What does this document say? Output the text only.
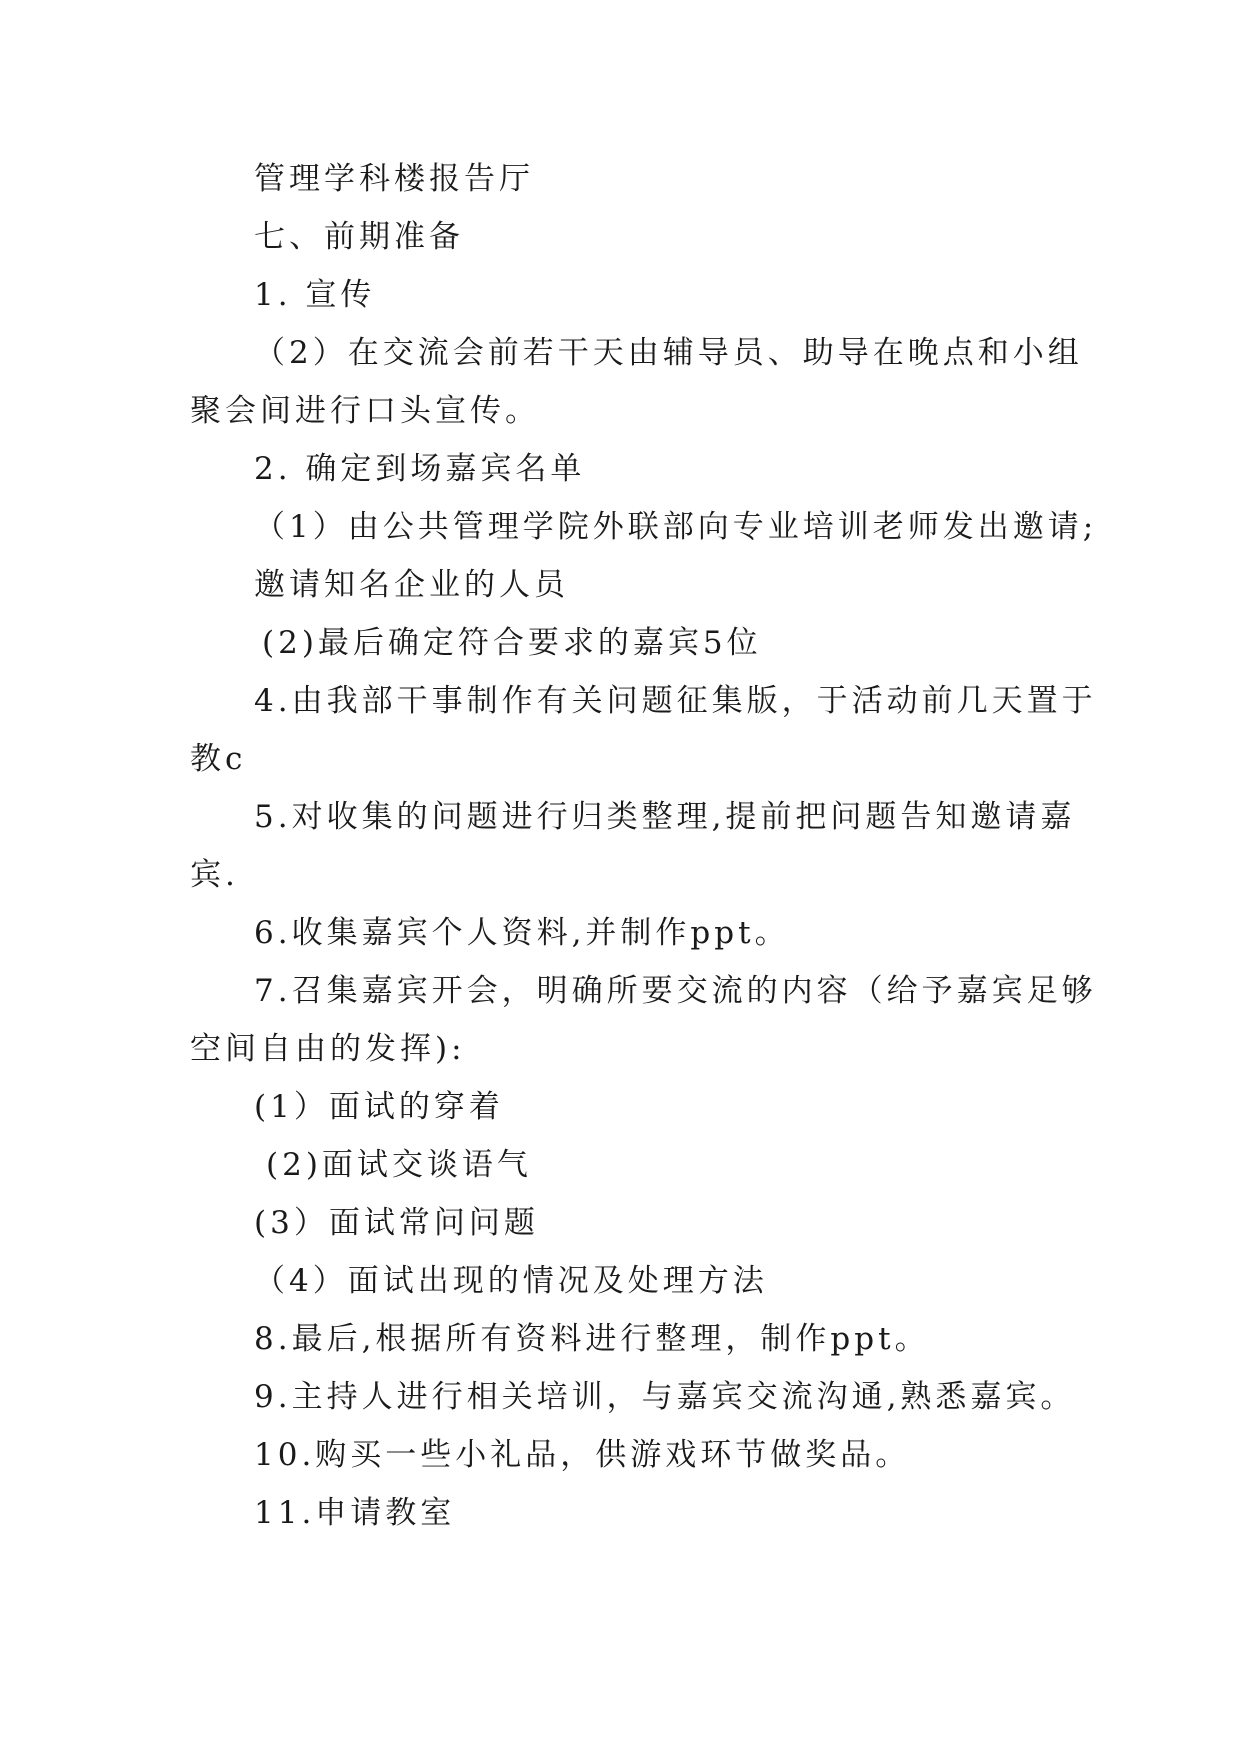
管理学科楼报告厅
七、前期准备
1. 宣传
（2）在交流会前若干天由辅导员、助导在晚点和小组
聚会间进行口头宣传。
2. 确定到场嘉宾名单
（1）由公共管理学院外联部向专业培训老师发出邀请;
邀请知名企业的人员
(2)最后确定符合要求的嘉宾5位
4.由我部干事制作有关问题征集版，于活动前几天置于
教c
5.对收集的问题进行归类整理,提前把问题告知邀请嘉
宾.
6.收集嘉宾个人资料,并制作ppt。
7.召集嘉宾开会，明确所要交流的内容（给予嘉宾足够
空间自由的发挥):
(1）面试的穿着
(2)面试交谈语气
(3）面试常问问题
（4）面试出现的情况及处理方法
8.最后,根据所有资料进行整理，制作ppt。
9.主持人进行相关培训，与嘉宾交流沟通,熟悉嘉宾。
10.购买一些小礼品，供游戏环节做奖品。
11.申请教室
